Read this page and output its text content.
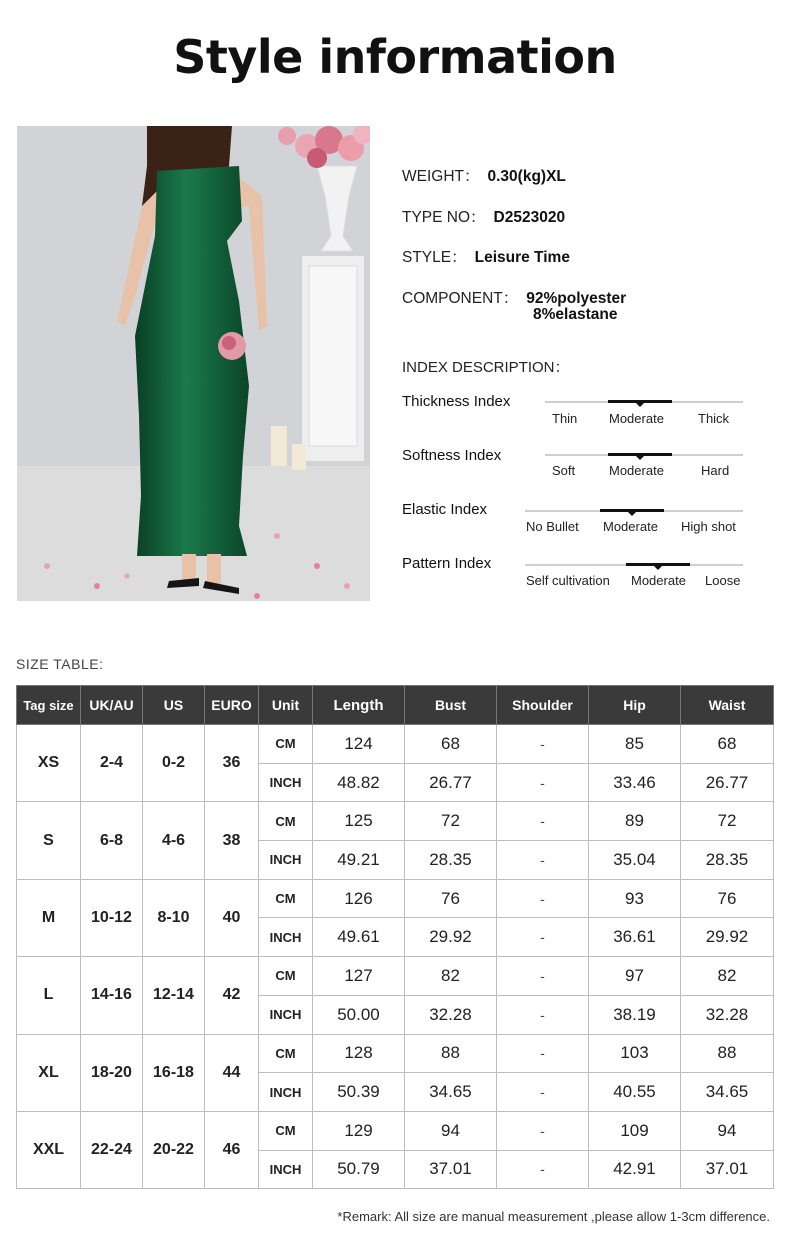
Style information
WEIGHT： 0.30(kg)XL
TYPE NO： D2523020
STYLE： Leisure Time
COMPONENT： 92%polyester
8%elastane
INDEX DESCRIPTION：
Thickness Index
Thin Moderate	Thick
Softness Index
Soft	Moderate	Hard
Elastic Index
No Bullet Moderate High shot
Pattern Index
Self cultivation Moderate Loose
SIZE TABLE:
Tag size	UK/AU	US	EURO	Unit	Length	Bust	Shoulder	Hip	Waist
XS	2-4	0-2	36	CM	124	68	-	85	68
				INCH	48.82	26.77	-	33.46	26.77
S	6-8	4-6	38	CM	125	72	-	89	72
				INCH	49.21	28.35	-	35.04	28.35
M	10-12	8-10	40	CM	126	76	-	93	76
				INCH	49.61	29.92	-	36.61	29.92
L	14-16	12-14	42	CM	127	82	-	97	82
				INCH	50.00	32.28	-	38.19	32.28
XL	18-20	16-18	44	CM	128	88	-	103	88
				INCH	50.39	34.65	-	40.55	34.65
XXL	22-24	20-22	46	CM	129	94	-	109	94
				INCH	50.79	37.01	-	42.91	37.01
*Remark: All size are manual measurement ,please allow 1-3cm difference.
